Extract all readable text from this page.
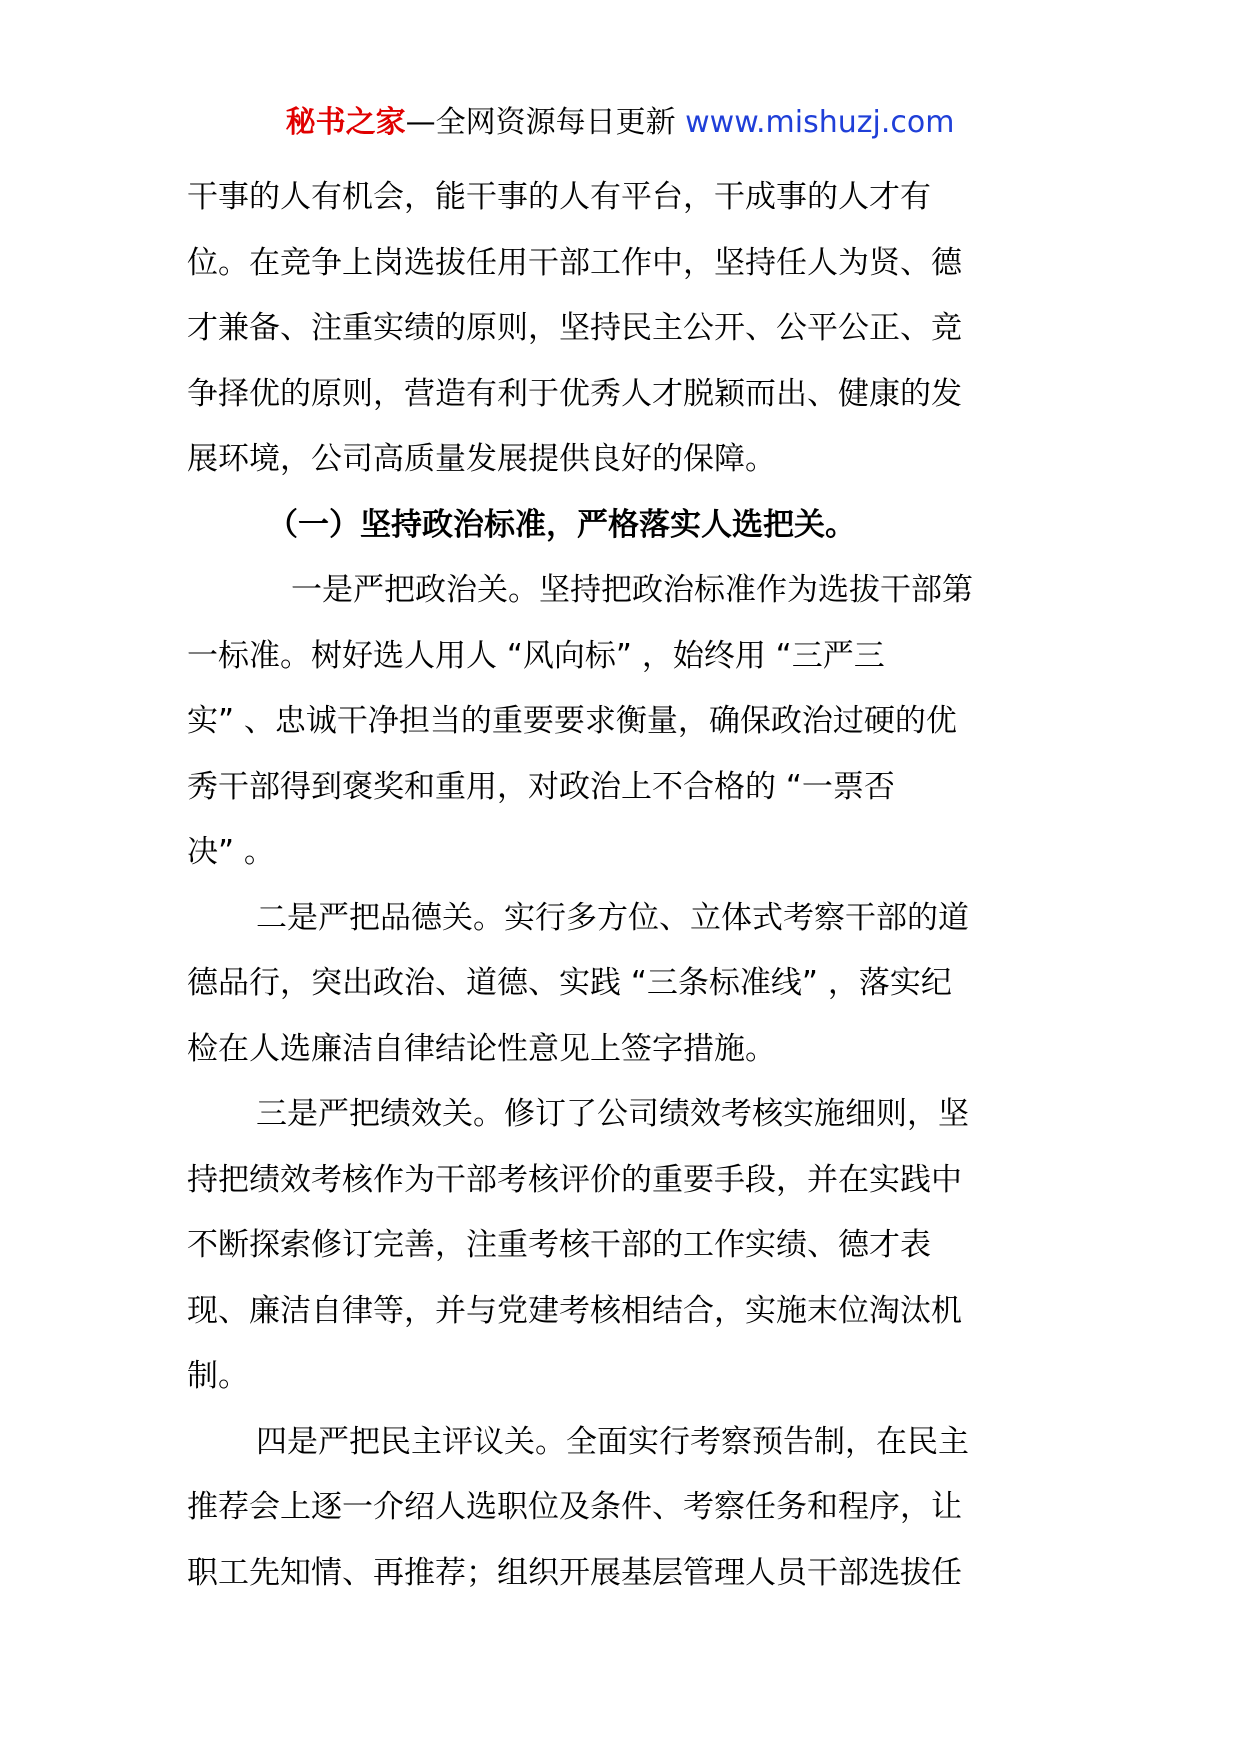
秘书之家—全网资源每日更新 www.mishuzj.com
干事的人有机会，能干事的人有平台，干成事的人才有
位。在竞争上岗选拔任用干部工作中，坚持任人为贤、德
才兼备、注重实绩的原则，坚持民主公开、公平公正、竞
争择优的原则，营造有利于优秀人才脱颖而出、健康的发
展环境，公司高质量发展提供良好的保障。
（一）坚持政治标准，严格落实人选把关。
一是严把政治关。坚持把政治标准作为选拔干部第
一标准。树好选人用人 “风向标” ，始终用 “三严三
实” 、忠诚干净担当的重要要求衡量，确保政治过硬的优
秀干部得到褒奖和重用，对政治上不合格的 “一票否
决” 。
二是严把品德关。实行多方位、立体式考察干部的道
德品行，突出政治、道德、实践 “三条标准线” ，落实纪
检在人选廉洁自律结论性意见上签字措施。
三是严把绩效关。修订了公司绩效考核实施细则，坚
持把绩效考核作为干部考核评价的重要手段，并在实践中
不断探索修订完善，注重考核干部的工作实绩、德才表
现、廉洁自律等，并与党建考核相结合，实施末位淘汰机
制。
四是严把民主评议关。全面实行考察预告制，在民主
推荐会上逐一介绍人选职位及条件、考察任务和程序，让
职工先知情、再推荐；组织开展基层管理人员干部选拔任
